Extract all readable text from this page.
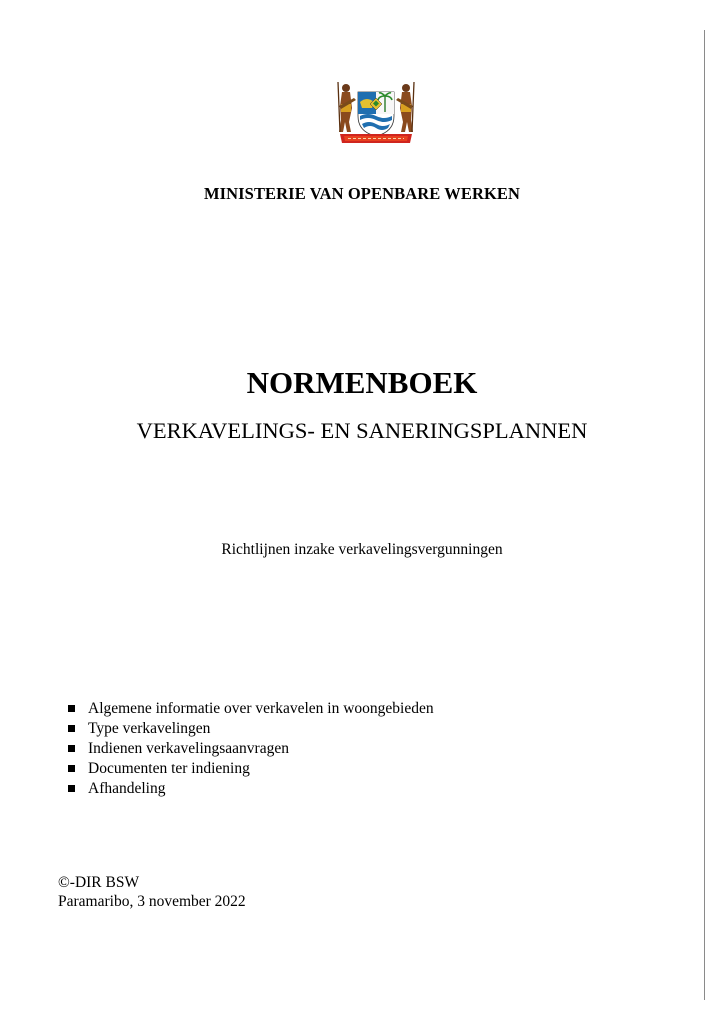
MINISTERIE VAN OPENBARE WERKEN
NORMENBOEK
VERKAVELINGS- EN SANERINGSPLANNEN
Richtlijnen inzake verkavelingsvergunningen
Algemene informatie over verkavelen in woongebieden
Type verkavelingen
Indienen verkavelingsaanvragen
Documenten ter indiening
Afhandeling
©-DIR BSW
Paramaribo, 3 november 2022
